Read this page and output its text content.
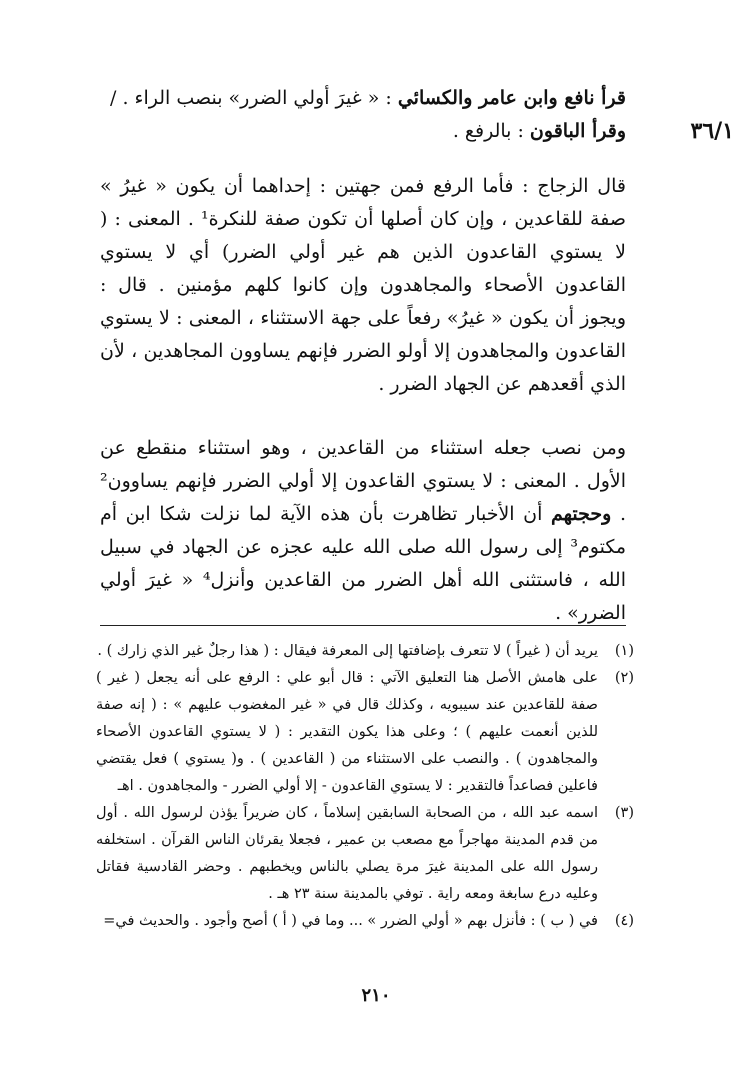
٣٦/١
قرأ نافع وابن عامر والكسائي : « غيرَ أولي الضرر» بنصب الراء . /
وقرأ الباقون : بالرفع .
قال الزجاج : فأما الرفع فمن جهتين : إحداهما أن يكون « غيرُ » صفة للقاعدين ، وإن كان أصلها أن تكون صفة للنكرة¹ . المعنى : ( لا يستوي القاعدون الذين هم غير أولي الضرر) أي لا يستوي القاعدون الأصحاء والمجاهدون وإن كانوا كلهم مؤمنين . قال : ويجوز أن يكون « غيرُ» رفعاً على جهة الاستثناء ، المعنى : لا يستوي القاعدون والمجاهدون إلا أولو الضرر فإنهم يساوون المجاهدين ، لأن الذي أقعدهم عن الجهاد الضرر .
ومن نصب جعله استثناء من القاعدين ، وهو استثناء منقطع عن الأول . المعنى : لا يستوي القاعدون إلا أولي الضرر فإنهم يساوون² . وحجتهم أن الأخبار تظاهرت بأن هذه الآية لما نزلت شكا ابن أم مكتوم³ إلى رسول الله صلى الله عليه عجزه عن الجهاد في سبيل الله ، فاستثنى الله أهل الضرر من القاعدين وأنزل⁴ « غيرَ أولي الضرر» .
(١)
يريد أن ( غيراً ) لا تتعرف بإضافتها إلى المعرفة فيقال : ( هذا رجلٌ غير الذي زارك ) .
(٢)
على هامش الأصل هنا التعليق الآتي : قال أبو علي : الرفع على أنه يجعل ( غير ) صفة للقاعدين عند سيبويه ، وكذلك قال في « غير المغضوب عليهم » : ( إنه صفة للذين أنعمت عليهم ) ؛ وعلى هذا يكون التقدير : ( لا يستوي القاعدون الأصحاء والمجاهدون ) . والنصب على الاستثناء من ( القاعدين ) . و( يستوي ) فعل يقتضي فاعلين فصاعداً فالتقدير : لا يستوي القاعدون - إلا أولي الضرر - والمجاهدون . اهـ
(٣)
اسمه عبد الله ، من الصحابة السابقين إسلاماً ، كان ضريراً يؤذن لرسول الله . أول من قدم المدينة مهاجراً مع مصعب بن عمير ، فجعلا يقرئان الناس القرآن . استخلفه رسول الله على المدينة غيرَ مرة يصلي بالناس ويخطبهم . وحضر القادسية فقاتل وعليه درع سابغة ومعه راية . توفي بالمدينة سنة ٢٣ هـ .
(٤)
في ( ب ) : فأنزل بهم « أولي الضرر » ... وما في ( أ ) أصح وأجود . والحديث في=
٢١٠
